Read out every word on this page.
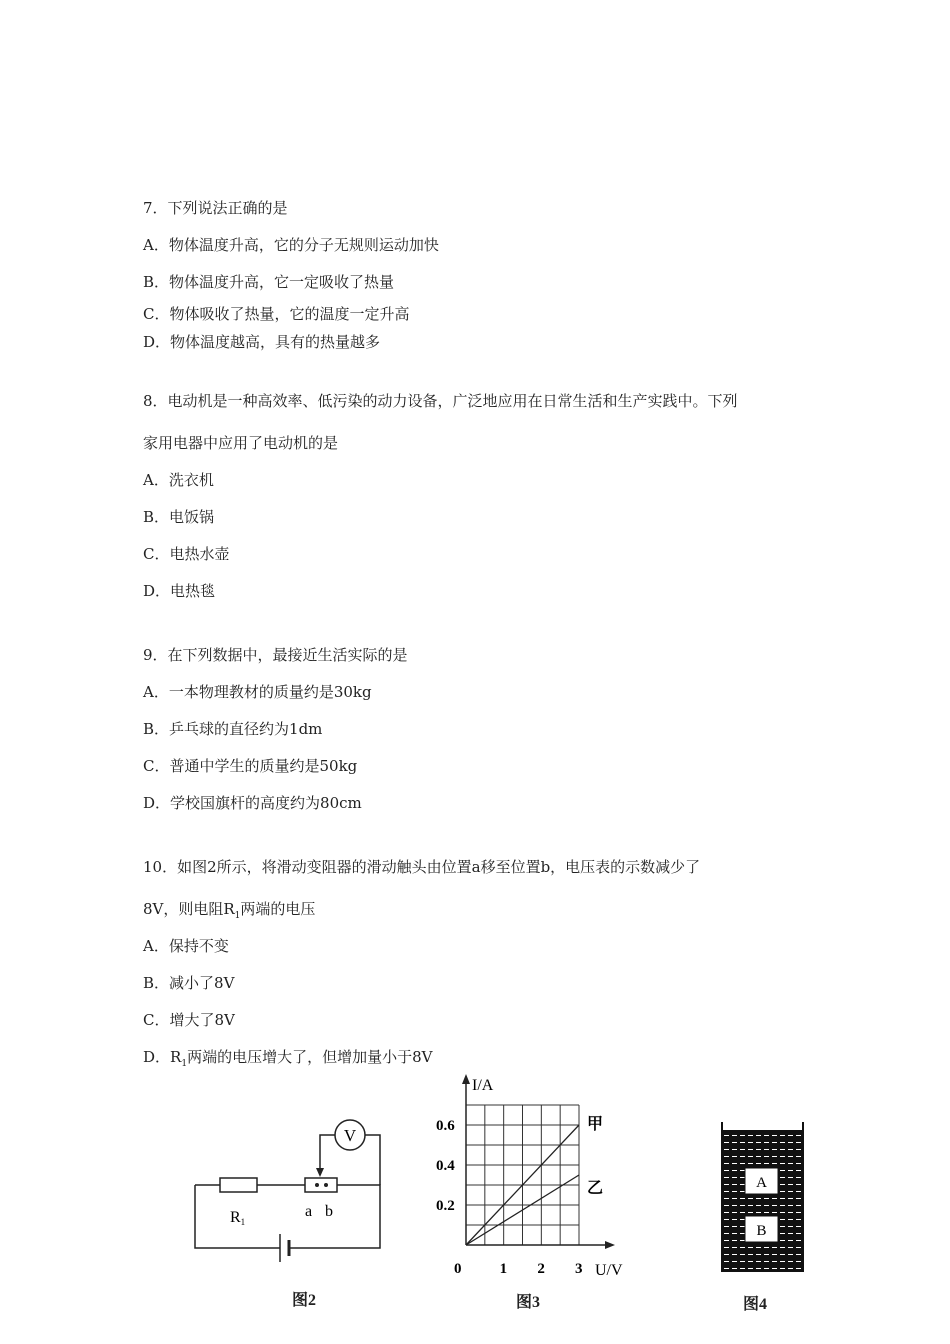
7．下列说法正确的是
A．物体温度升高，它的分子无规则运动加快
B．物体温度升高，它一定吸收了热量
C．物体吸收了热量，它的温度一定升高
D．物体温度越高，具有的热量越多
8．电动机是一种高效率、低污染的动力设备，广泛地应用在日常生活和生产实践中。下列
家用电器中应用了电动机的是
A．洗衣机
B．电饭锅
C．电热水壶
D．电热毯
9．在下列数据中，最接近生活实际的是
A．一本物理教材的质量约是30kg
B．乒乓球的直径约为1dm
C．普通中学生的质量约是50kg
D．学校国旗杆的高度约为80cm
10．如图2所示，将滑动变阻器的滑动触头由位置a移至位置b，电压表的示数减少了
8V，则电阻$R_1$两端的电压
A．保持不变
B．减小了8V
C．增大了8V
D．$R_1$两端的电压增大了，但增加量小于8V
V
R1
a b
图2
甲
乙
0	1 2 3
0.2
0.4
0.6
U/V
I/A
图3
A
B
图4
